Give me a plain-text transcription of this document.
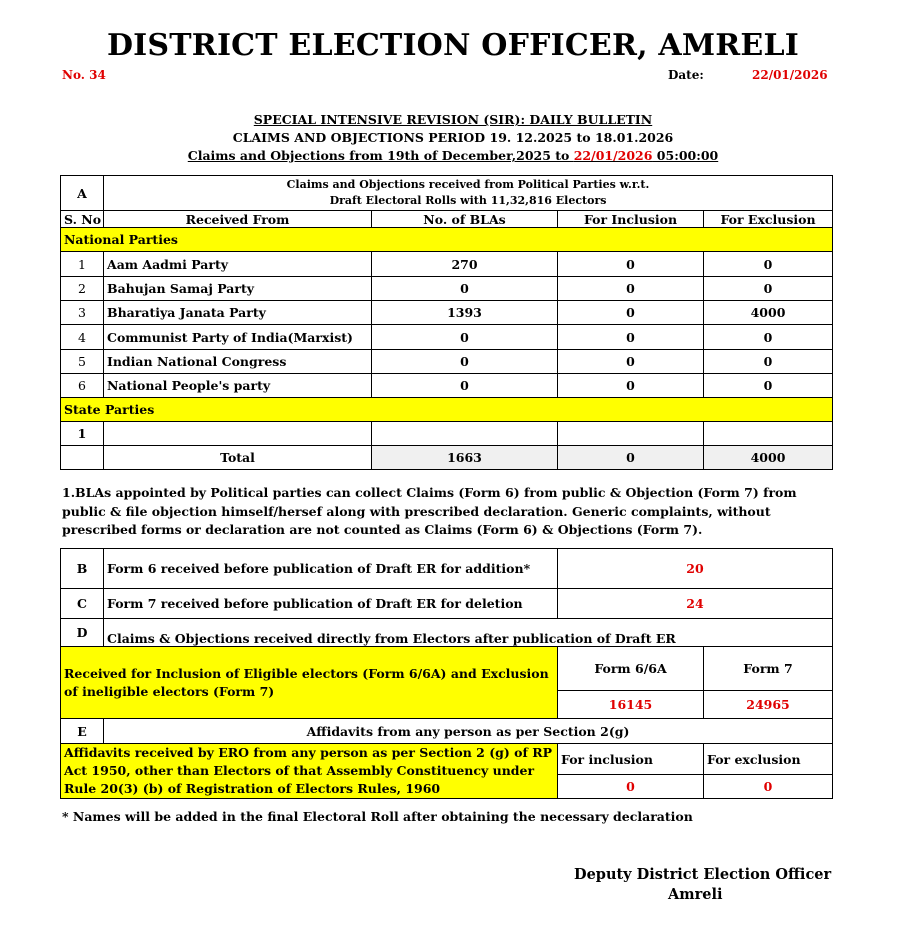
DISTRICT ELECTION OFFICER, AMRELI
No. 34	Date:	22/01/2026
SPECIAL INTENSIVE REVISION (SIR): DAILY BULLETIN
CLAIMS AND OBJECTIONS PERIOD 19. 12.2025 to 18.01.2026
Claims and Objections from 19th of December,2025 to 22/01/2026 05:00:00
A	Claims and Objections received from Political Parties w.r.t.
Draft Electoral Rolls with 11,32,816 Electors			

S. No	Received From	No. of BLAs	For Inclusion	For Exclusion
National Parties				
1	Aam Aadmi Party	270	0	0
2	Bahujan Samaj Party	0	0	0
3	Bharatiya Janata Party	1393	0	4000
4	Communist Party of India(Marxist)	0	0	0
5	Indian National Congress	0	0	0
6	National People's party	0	0	0
State Parties				
1				
	Total	1663	0	4000
1.BLAs appointed by Political parties can collect Claims (Form 6) from public & Objection (Form 7) from public & file objection himself/hersef along with prescribed declaration. Generic complaints, without prescribed forms or declaration are not counted as Claims (Form 6) & Objections (Form 7).
B	Form 6 received before publication of Draft ER for addition*	20	
C	Form 7 received before publication of Draft ER for deletion	24	
D	Claims & Objections received directly from Electors after publication of Draft ER		
Received for Inclusion of Eligible electors (Form 6/6A) and Exclusion of ineligible electors (Form 7)		Form 6/6A	Form 7
		16145	24965
E	Affidavits from any person as per Section 2(g)		
Affidavits received by ERO from any person as per Section 2 (g) of RP Act 1950, other than Electors of that Assembly Constituency under Rule 20(3) (b) of Registration of Electors Rules, 1960		For inclusion	For exclusion
		0	0
* Names will be added in the final Electoral Roll after obtaining the necessary declaration
Deputy District Election Officer
Amreli
